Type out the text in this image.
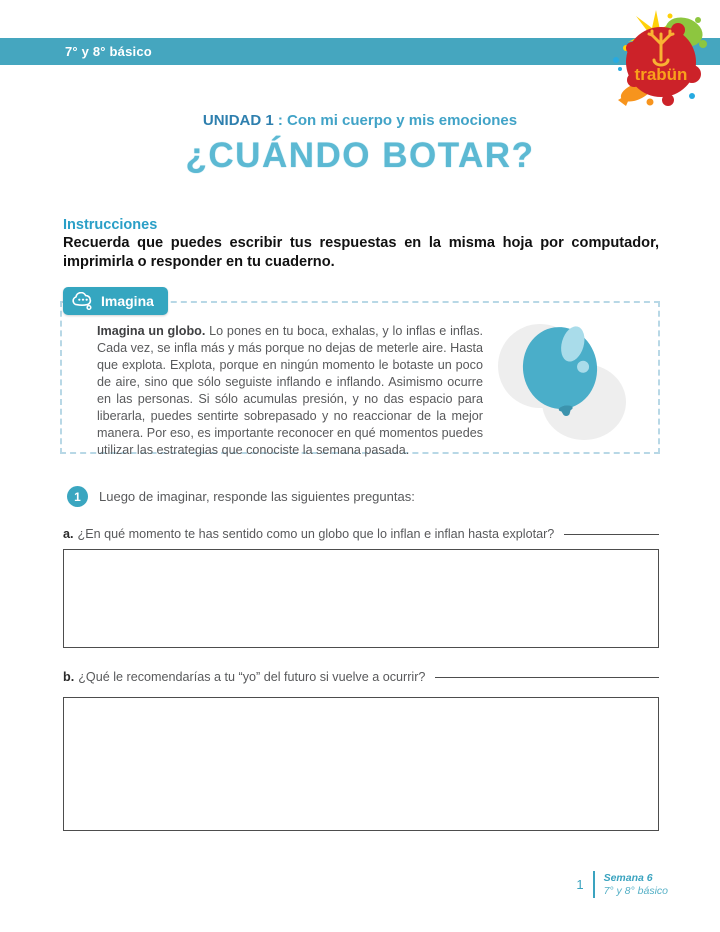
7° y 8° básico
trabün
UNIDAD 1 : Con mi cuerpo y mis emociones
¿CUÁNDO BOTAR?
Instrucciones
Recuerda que puedes escribir tus respuestas en la misma hoja por computador, imprimirla o responder en tu cuaderno.
Imagina
Imagina un globo. Lo pones en tu boca, exhalas, y lo inflas e inflas. Cada vez, se infla más y más porque no dejas de meterle aire. Hasta que explota. Explota, porque en ningún momento le botaste un poco de aire, sino que sólo seguiste inflando e inflando. Asimismo ocurre en las personas. Si sólo acumulas presión, y no das espacio para liberarla, puedes sentirte sobrepasado y no reaccionar de la mejor manera. Por eso, es importante reconocer en qué momentos puedes utilizar las estrategias que conociste la semana pasada.
1	Luego de imaginar, responde las siguientes preguntas:
a. ¿En qué momento te has sentido como un globo que lo inflan e inflan hasta explotar?
b. ¿Qué le recomendarías a tu “yo” del futuro si vuelve a ocurrir?
1 Semana 6
7° y 8° básico
